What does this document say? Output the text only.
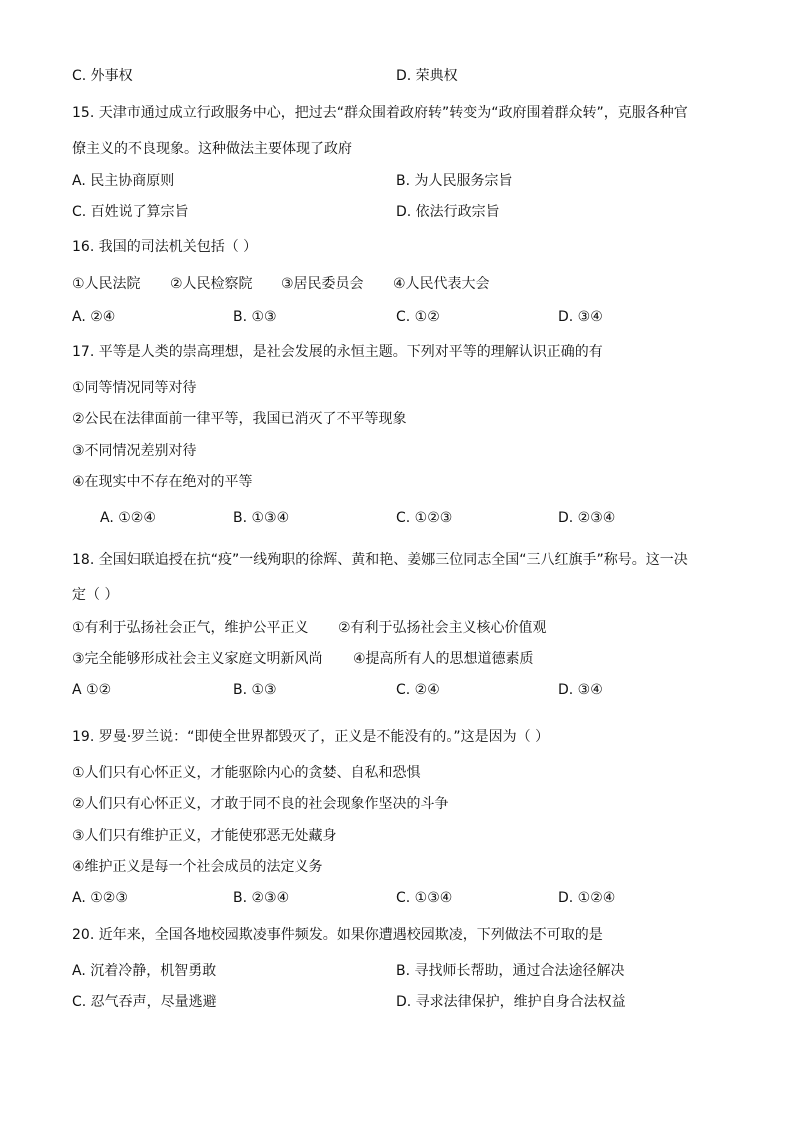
C. 外事权	D. 荣典权
15. 天津市通过成立行政服务中心，把过去“群众围着政府转”转变为“政府围着群众转”，克服各种官
僚主义的不良现象。这种做法主要体现了政府
A. 民主协商原则	B. 为人民服务宗旨
C. 百姓说了算宗旨	D. 依法行政宗旨
16. 我国的司法机关包括（ ）
①人民法院 ②人民检察院 ③居民委员会 ④人民代表大会
A. ②④	B. ①③	C. ①②	D. ③④
17. 平等是人类的崇高理想，是社会发展的永恒主题。下列对平等的理解认识正确的有
①同等情况同等对待
②公民在法律面前一律平等，我国已消灭了不平等现象
③不同情况差别对待
④在现实中不存在绝对的平等
A. ①②④	B. ①③④	C. ①②③	D. ②③④
18. 全国妇联追授在抗“疫”一线殉职的徐辉、黄和艳、姜娜三位同志全国“三八红旗手”称号。这一决
定（ ）
①有利于弘扬社会正气，维护公平正义 ②有利于弘扬社会主义核心价值观
③完全能够形成社会主义家庭文明新风尚 ④提高所有人的思想道德素质
A ①②	B. ①③	C. ②④	D. ③④
19. 罗曼·罗兰说：“即使全世界都毁灭了，正义是不能没有的。”这是因为（ ）
①人们只有心怀正义，才能驱除内心的贪婪、自私和恐惧
②人们只有心怀正义，才敢于同不良的社会现象作坚决的斗争
③人们只有维护正义，才能使邪恶无处藏身
④维护正义是每一个社会成员的法定义务
A. ①②③	B. ②③④	C. ①③④	D. ①②④
20. 近年来，全国各地校园欺凌事件频发。如果你遭遇校园欺凌，下列做法不可取的是
A. 沉着冷静，机智勇敢	B. 寻找师长帮助，通过合法途径解决
C. 忍气吞声，尽量逃避	D. 寻求法律保护，维护自身合法权益
